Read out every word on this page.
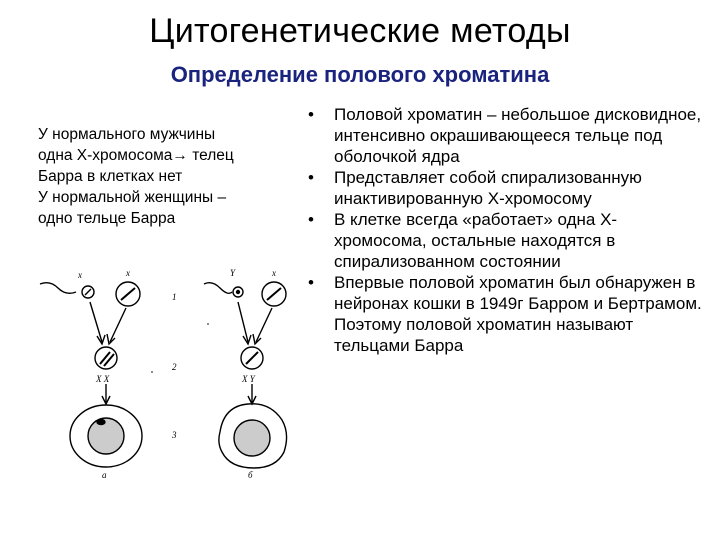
Цитогенетические методы
Определение полового хроматина
У нормального мужчины
одна Х-хромосома→ телец
Барра в клетках нет
У нормальной женщины –
одно тельце Барра
• Половой хроматин – небольшое дисковидное, интенсивно окрашивающееся тельце под оболочкой ядра
• Представляет собой спирализованную инактивированную Х-хромосому
• В клетке всегда «работает» одна Х-хромосома, остальные находятся в спирализованном состоянии
• Впервые половой хроматин был обнаружен в нейронах кошки в 1949г Барром и Бертрамом. Поэтому половой хроматин называют тельцами Барра
x	x	Y	x
1
2
3
X X	X Y
а	б
